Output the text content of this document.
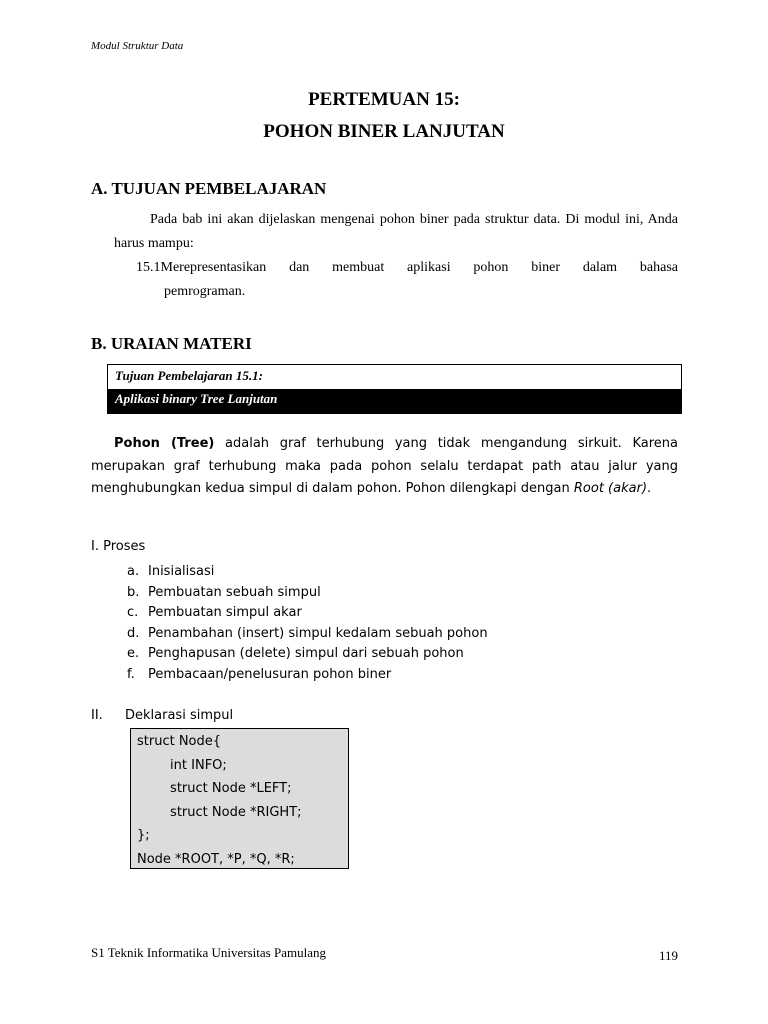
Modul Struktur Data
PERTEMUAN 15:
POHON BINER LANJUTAN
A. TUJUAN PEMBELAJARAN
Pada bab ini akan dijelaskan mengenai pohon biner pada struktur data. Di modul ini, Anda harus mampu:
15.1Merepresentasikan dan membuat aplikasi pohon biner dalam bahasa
pemrograman.
B. URAIAN MATERI
Tujuan Pembelajaran 15.1:
Aplikasi binary Tree Lanjutan
Pohon (Tree) adalah graf terhubung yang tidak mengandung sirkuit. Karena merupakan graf terhubung maka pada pohon selalu terdapat path atau jalur yang menghubungkan kedua simpul di dalam pohon. Pohon dilengkapi dengan Root (akar).
I. Proses
a. Inisialisasi
b. Pembuatan sebuah simpul
c. Pembuatan simpul akar
d. Penambahan (insert) simpul kedalam sebuah pohon
e. Penghapusan (delete) simpul dari sebuah pohon
f.	Pembacaan/penelusuran pohon biner
II. Deklarasi simpul
struct Node{
int INFO;
struct Node *LEFT;
struct Node *RIGHT;
};
Node *ROOT, *P, *Q, *R;
S1 Teknik Informatika Universitas Pamulang	119
